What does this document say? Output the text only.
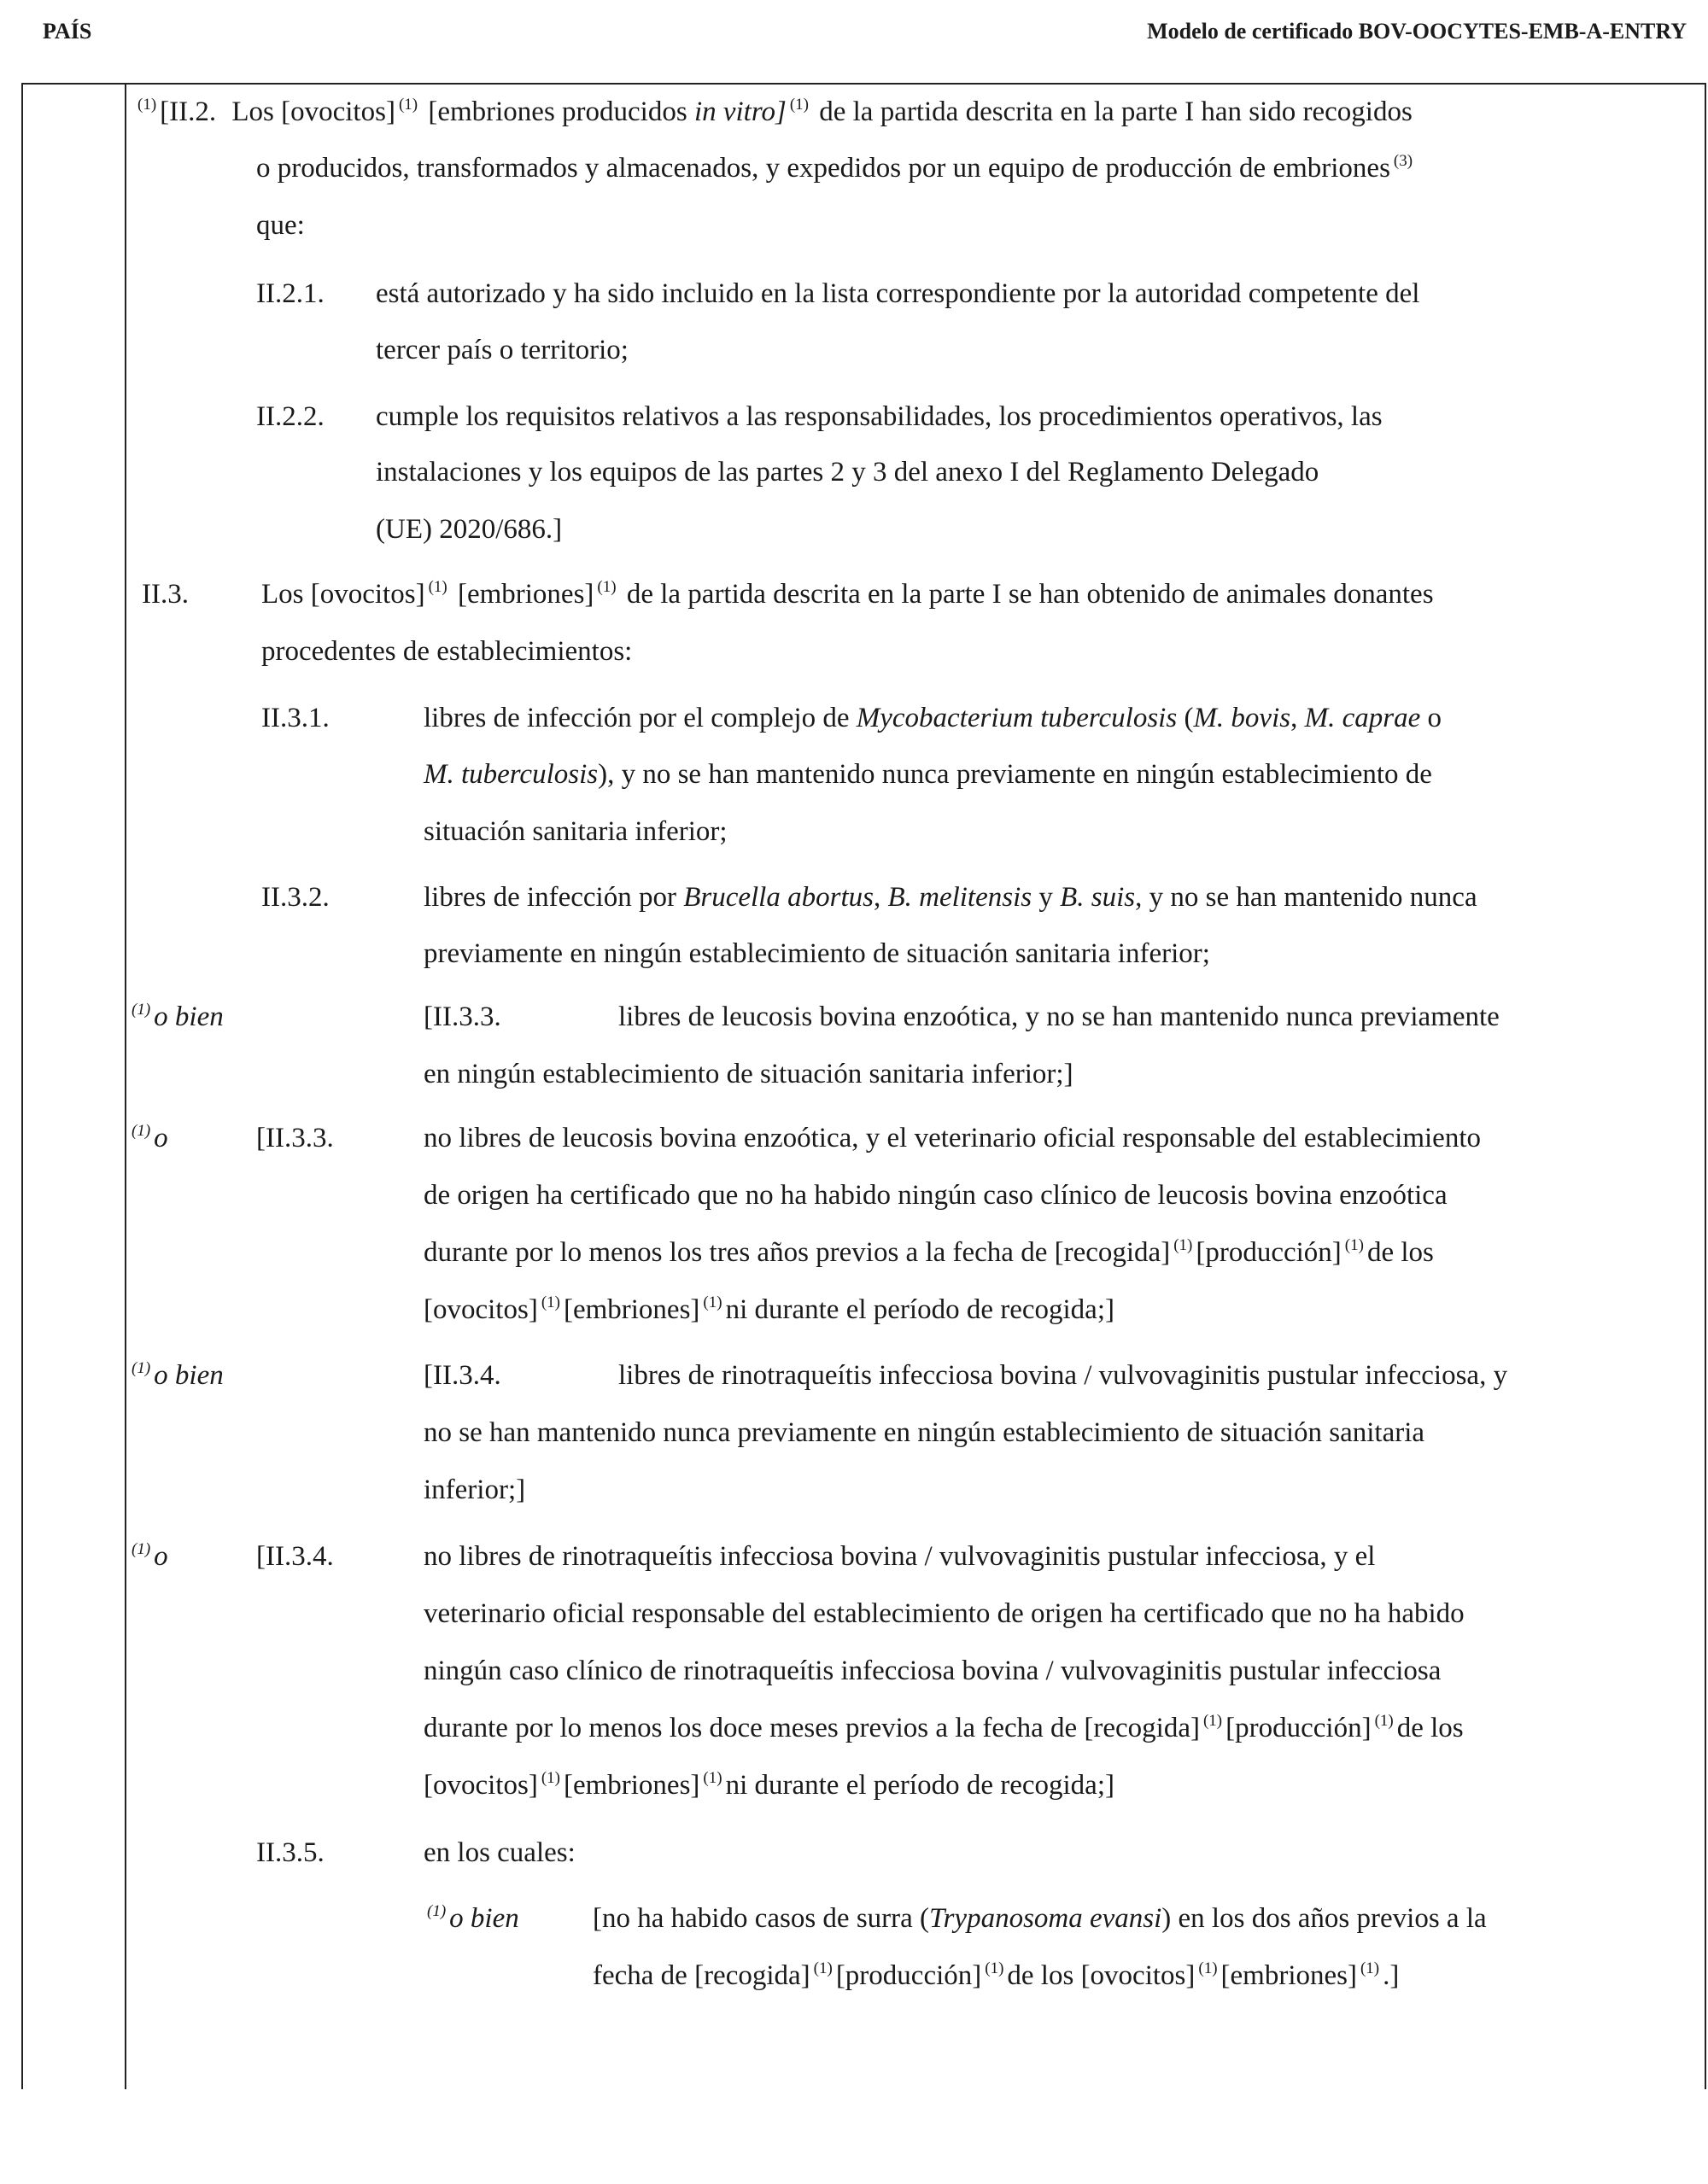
PAÍS	Modelo de certificado BOV-OOCYTES-EMB-A-ENTRY
$^{(1)}$ [II.2. Los [ovocitos] $^{(1)}$ [embriones producidos in vitro] $^{(1)}$ de la partida descrita en la parte I han sido recogidos
o producidos, transformados y almacenados, y expedidos por un equipo de producción de embriones $^{(3)}$
que:
II.2.1. está autorizado y ha sido incluido en la lista correspondiente por la autoridad competente del
tercer país o territorio;
II.2.2. cumple los requisitos relativos a las responsabilidades, los procedimientos operativos, las
instalaciones y los equipos de las partes 2 y 3 del anexo I del Reglamento Delegado
(UE) 2020/686.]
II.3.	Los [ovocitos] $^{(1)}$ [embriones] $^{(1)}$ de la partida descrita en la parte I se han obtenido de animales donantes
procedentes de establecimientos:
II.3.1.	libres de infección por el complejo de Mycobacterium tuberculosis (M. bovis, M. caprae o
M. tuberculosis), y no se han mantenido nunca previamente en ningún establecimiento de
situación sanitaria inferior;
II.3.2.	libres de infección por Brucella abortus, B. melitensis y B. suis, y no se han mantenido nunca
previamente en ningún establecimiento de situación sanitaria inferior;
$^{(1)}$ o bien	[II.3.3.	libres de leucosis bovina enzoótica, y no se han mantenido nunca previamente
en ningún establecimiento de situación sanitaria inferior;]
$^{(1)}$ o	[II.3.3.	no libres de leucosis bovina enzoótica, y el veterinario oficial responsable del establecimiento
de origen ha certificado que no ha habido ningún caso clínico de leucosis bovina enzoótica
durante por lo menos los tres años previos a la fecha de [recogida] $^{(1)}$ [producción] $^{(1)}$ de los
[ovocitos] $^{(1)}$ [embriones] $^{(1)}$ ni durante el período de recogida;]
$^{(1)}$ o bien	[II.3.4.	libres de rinotraqueítis infecciosa bovina / vulvovaginitis pustular infecciosa, y
no se han mantenido nunca previamente en ningún establecimiento de situación sanitaria
inferior;]
$^{(1)}$ o	[II.3.4.	no libres de rinotraqueítis infecciosa bovina / vulvovaginitis pustular infecciosa, y el
veterinario oficial responsable del establecimiento de origen ha certificado que no ha habido
ningún caso clínico de rinotraqueítis infecciosa bovina / vulvovaginitis pustular infecciosa
durante por lo menos los doce meses previos a la fecha de [recogida] $^{(1)}$ [producción] $^{(1)}$ de los
[ovocitos] $^{(1)}$ [embriones] $^{(1)}$ ni durante el período de recogida;]
II.3.5.	en los cuales:
$^{(1)}$ o bien	[no ha habido casos de surra (Trypanosoma evansi) en los dos años previos a la
fecha de [recogida] $^{(1)}$ [producción] $^{(1)}$ de los [ovocitos] $^{(1)}$ [embriones] $^{(1)}$ .]
